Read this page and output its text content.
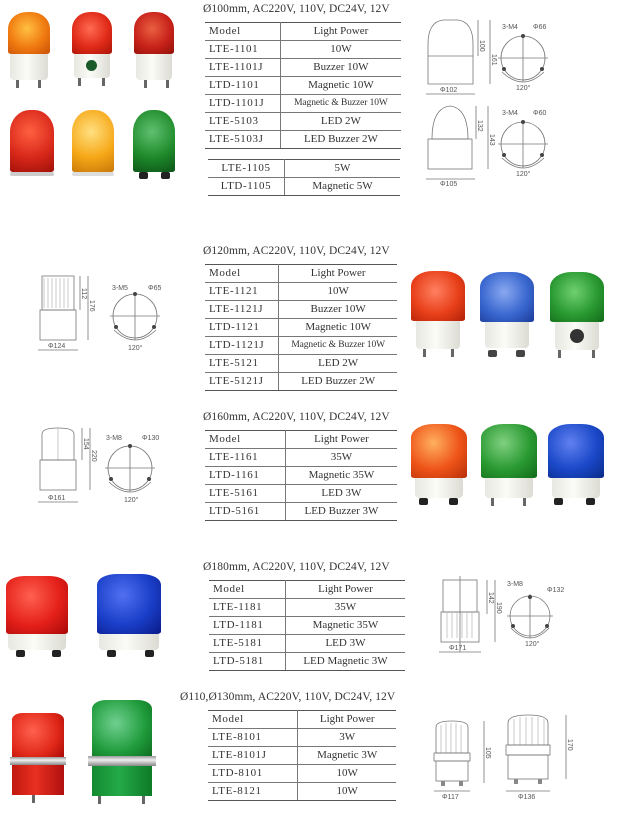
Ø100mm, AC220V, 110V, DC24V, 12V
Model	Light Power
LTE-1101	10W
LTE-1101J	Buzzer 10W
LTD-1101	Magnetic 10W
LTD-1101J	Magnetic & Buzzer 10W
LTE-5103	LED 2W
LTE-5103J	LED Buzzer 2W
LTE-1105	5W
LTD-1105	Magnetic 5W
100
161
Φ102
3-M4 Φ66
120°
132
143
Φ105
3-M4 Φ60
120°
112
176
Φ124
3-M5	Φ65
120°
Ø120mm, AC220V, 110V, DC24V, 12V
Model	Light Power
LTE-1121	10W
LTE-1121J	Buzzer 10W
LTD-1121	Magnetic 10W
LTD-1121J	Magnetic & Buzzer 10W
LTE-5121	LED 2W
LTE-5121J	LED Buzzer 2W
154
220
Φ161
3-M8	Φ130
120°
Ø160mm, AC220V, 110V, DC24V, 12V
Model	Light Power
LTE-1161	35W
LTD-1161	Magnetic 35W
LTE-5161	LED 3W
LTD-5161	LED Buzzer 3W
Ø180mm, AC220V, 110V, DC24V, 12V
Model	Light Power
LTE-1181	35W
LTD-1181	Magnetic 35W
LTE-5181	LED 3W
LTD-5181	LED Magnetic 3W
142
190
Φ171
3-M8
Φ132
120°
Ø110,Ø130mm, AC220V, 110V, DC24V, 12V
Model	Light Power
LTE-8101	3W
LTE-8101J	Magnetic 3W
LTD-8101	10W
LTE-8121	10W
105
Φ117
170
Φ136
